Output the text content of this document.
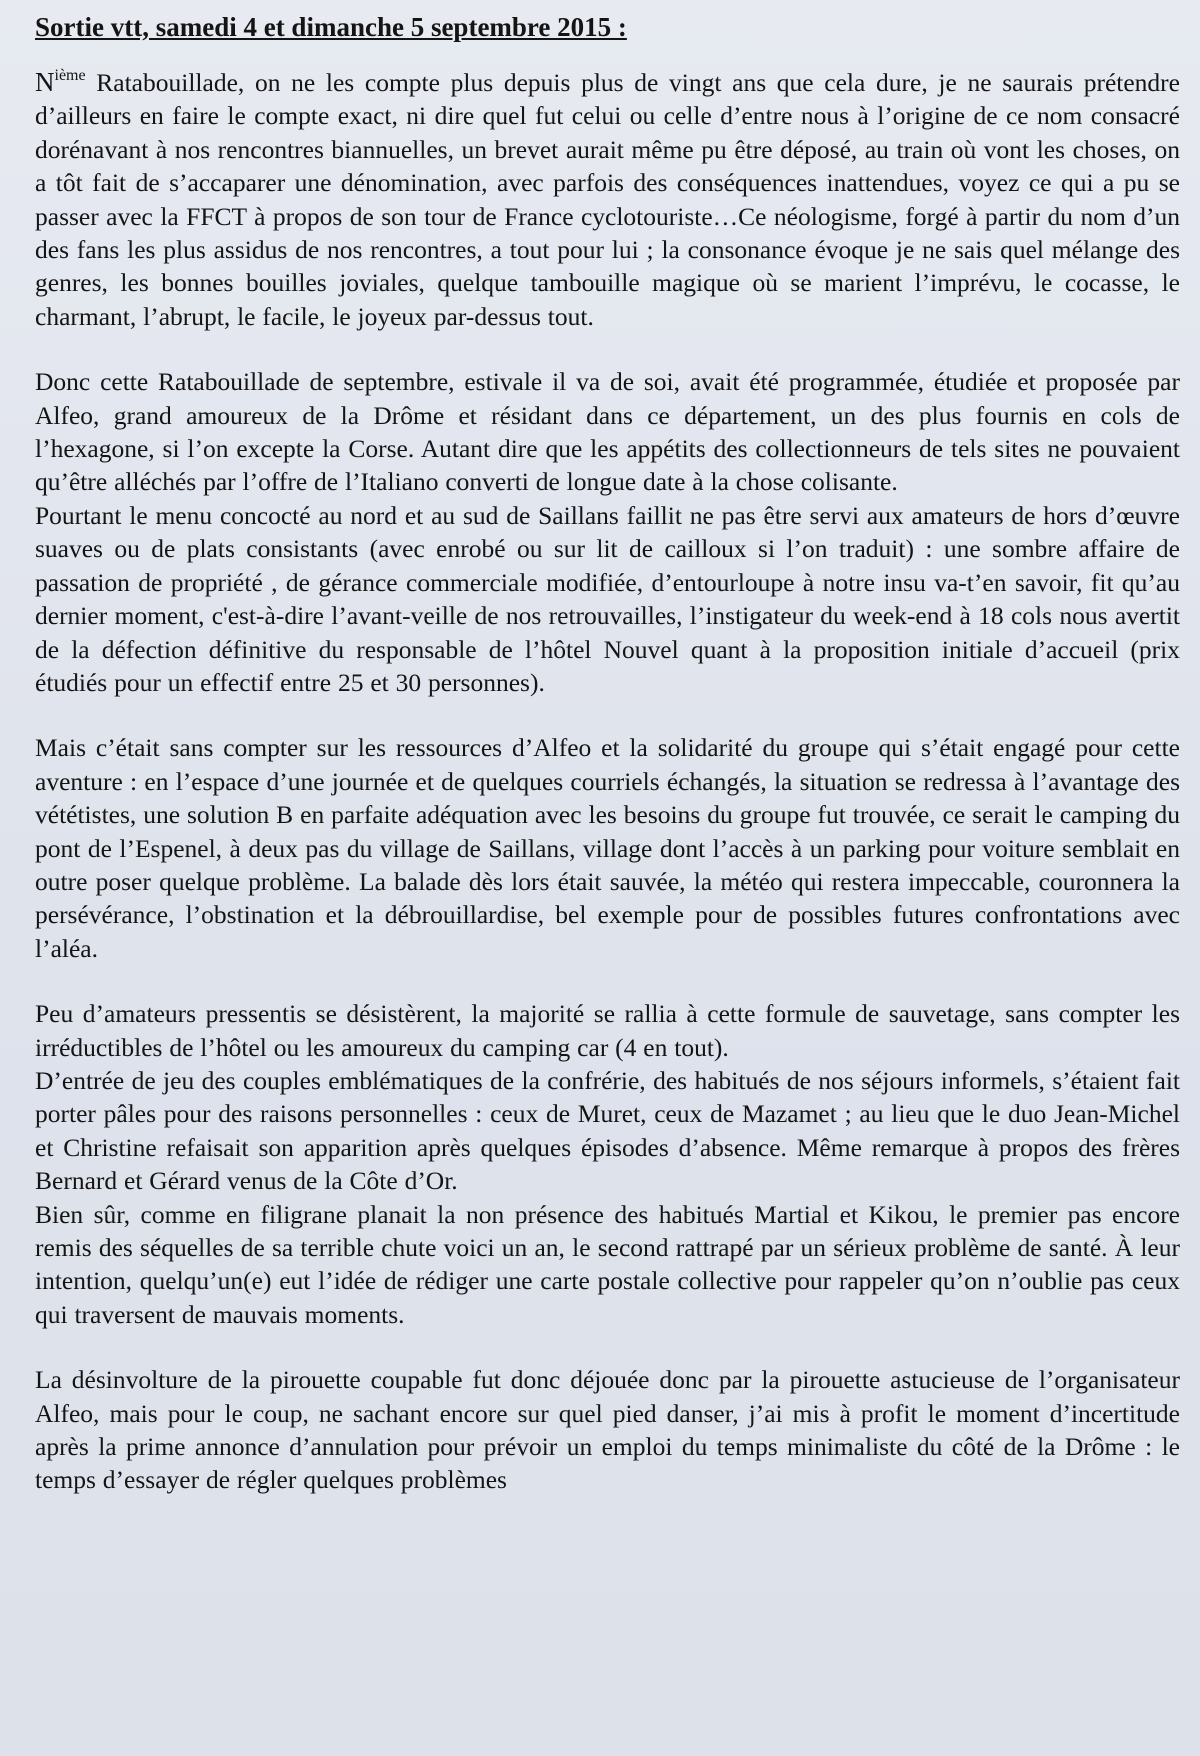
Sortie vtt, samedi 4 et dimanche 5 septembre 2015 :

$N^{ième}$ Ratabouillade, on ne les compte plus depuis plus de vingt ans que cela dure, je ne saurais prétendre d’ailleurs en faire le compte exact, ni dire quel fut celui ou celle d’entre nous à l’origine de ce nom consacré dorénavant à nos rencontres biannuelles, un brevet aurait même pu être déposé, au train où vont les choses, on a tôt fait de s’accaparer une dénomination, avec parfois des conséquences inattendues, voyez ce qui a pu se passer avec la FFCT à propos de son tour de France cyclotouriste…Ce néologisme, forgé à partir du nom d’un des fans les plus assidus de nos rencontres, a tout pour lui ; la consonance évoque je ne sais quel mélange des genres, les bonnes bouilles joviales, quelque tambouille magique où se marient l’imprévu, le cocasse, le charmant, l’abrupt, le facile, le joyeux par-dessus tout.

Donc cette Ratabouillade de septembre, estivale il va de soi, avait été programmée, étudiée et proposée par Alfeo, grand amoureux de la Drôme et résidant dans ce département, un des plus fournis en cols de l’hexagone, si l’on excepte la Corse. Autant dire que les appétits des collectionneurs de tels sites ne pouvaient qu’être alléchés par l’offre de l’Italiano converti de longue date à la chose colisante.

Pourtant le menu concocté au nord et au sud de Saillans faillit ne pas être servi aux amateurs de hors d’œuvre suaves ou de plats consistants (avec enrobé ou sur lit de cailloux si l’on traduit) : une sombre affaire de passation de propriété , de gérance commerciale modifiée, d’entourloupe à notre insu va-t’en savoir, fit qu’au dernier moment, c'est-à-dire l’avant-veille de nos retrouvailles, l’instigateur du week-end à 18 cols nous avertit de la défection définitive du responsable de l’hôtel Nouvel quant à la proposition initiale d’accueil (prix étudiés pour un effectif entre 25 et 30 personnes).

Mais c’était sans compter sur les ressources d’Alfeo et la solidarité du groupe qui s’était engagé pour cette aventure : en l’espace d’une journée et de quelques courriels échangés, la situation se redressa à l’avantage des vététistes, une solution B en parfaite adéquation avec les besoins du groupe fut trouvée, ce serait le camping du pont de l’Espenel, à deux pas du village de Saillans, village dont l’accès à un parking pour voiture semblait en outre poser quelque problème. La balade dès lors était sauvée, la météo qui restera impeccable, couronnera la persévérance, l’obstination et la débrouillardise, bel exemple pour de possibles futures confrontations avec l’aléa.

Peu d’amateurs pressentis se désistèrent, la majorité se rallia à cette formule de sauvetage, sans compter les irréductibles de l’hôtel ou les amoureux du camping car (4 en tout).

D’entrée de jeu des couples emblématiques de la confrérie, des habitués de nos séjours informels, s’étaient fait porter pâles pour des raisons personnelles : ceux de Muret, ceux de Mazamet ; au lieu que le duo Jean-Michel et Christine refaisait son apparition après quelques épisodes d’absence. Même remarque à propos des frères Bernard et Gérard venus de la Côte d’Or.

Bien sûr, comme en filigrane planait la non présence des habitués Martial et Kikou, le premier pas encore remis des séquelles de sa terrible chute voici un an, le second rattrapé par un sérieux problème de santé. À leur intention, quelqu’un(e) eut l’idée de rédiger une carte postale collective pour rappeler qu’on n’oublie pas ceux qui traversent de mauvais moments.

La désinvolture de la pirouette coupable fut donc déjouée donc par la pirouette astucieuse de l’organisateur Alfeo, mais pour le coup, ne sachant encore sur quel pied danser, j’ai mis à profit le moment d’incertitude après la prime annonce d’annulation pour prévoir un emploi du temps minimaliste du côté de la Drôme : le temps d’essayer de régler quelques problèmes
